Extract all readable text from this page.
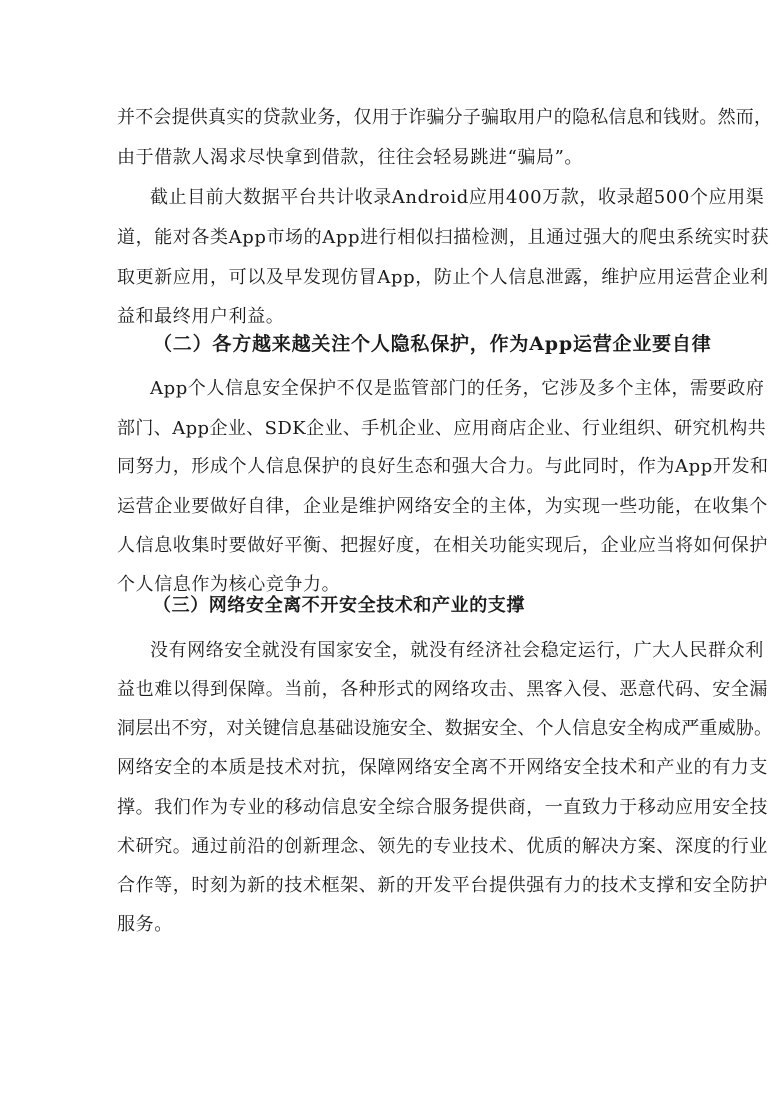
并不会提供真实的贷款业务，仅用于诈骗分子骗取用户的隐私信息和钱财。然而，
由于借款人渴求尽快拿到借款，往往会轻易跳进“骗局”。
截止目前大数据平台共计收录Android应用400万款，收录超500个应用渠
道，能对各类App市场的App进行相似扫描检测，且通过强大的爬虫系统实时获
取更新应用，可以及早发现仿冒App，防止个人信息泄露，维护应用运营企业利
益和最终用户利益。
（二）各方越来越关注个人隐私保护，作为App运营企业要自律
App个人信息安全保护不仅是监管部门的任务，它涉及多个主体，需要政府
部门、App企业、SDK企业、手机企业、应用商店企业、行业组织、研究机构共
同努力，形成个人信息保护的良好生态和强大合力。与此同时，作为App开发和
运营企业要做好自律，企业是维护网络安全的主体，为实现一些功能，在收集个
人信息收集时要做好平衡、把握好度，在相关功能实现后，企业应当将如何保护
个人信息作为核心竞争力。
（三）网络安全离不开安全技术和产业的支撑
没有网络安全就没有国家安全，就没有经济社会稳定运行，广大人民群众利
益也难以得到保障。当前，各种形式的网络攻击、黑客入侵、恶意代码、安全漏
洞层出不穷，对关键信息基础设施安全、数据安全、个人信息安全构成严重威胁。
网络安全的本质是技术对抗，保障网络安全离不开网络安全技术和产业的有力支
撑。我们作为专业的移动信息安全综合服务提供商，一直致力于移动应用安全技
术研究。通过前沿的创新理念、领先的专业技术、优质的解决方案、深度的行业
合作等，时刻为新的技术框架、新的开发平台提供强有力的技术支撑和安全防护
服务。
